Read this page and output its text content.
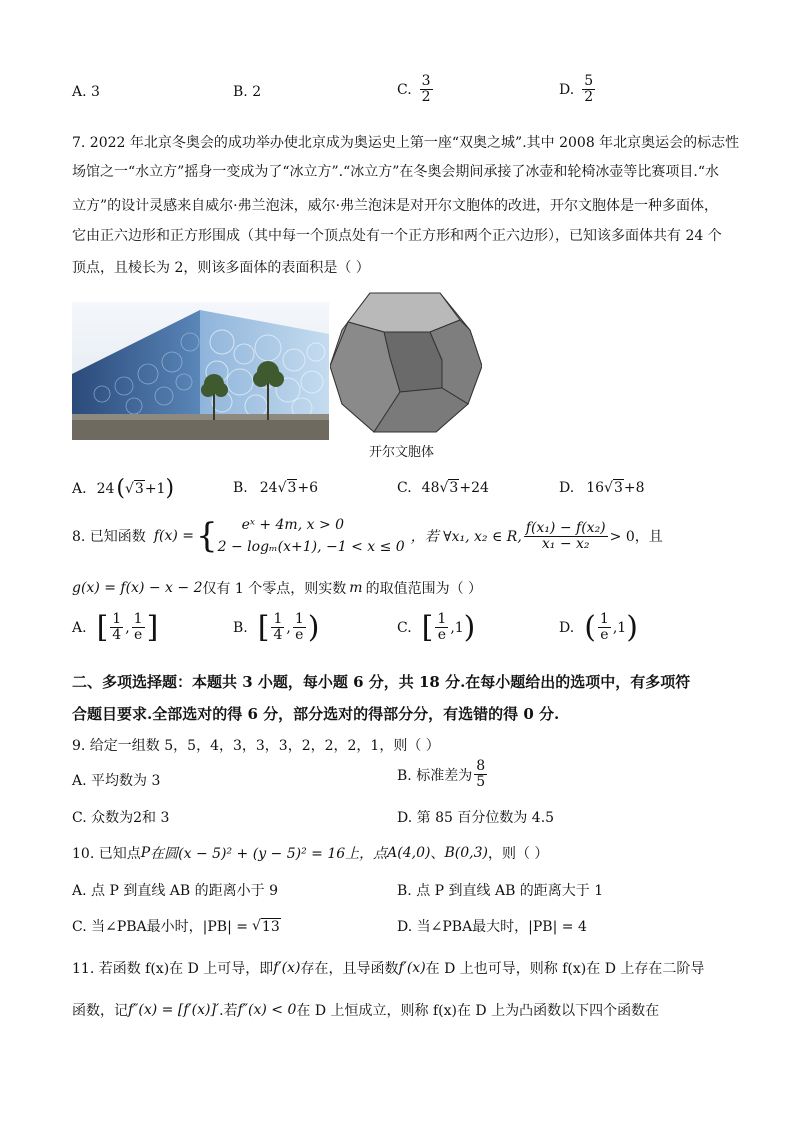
A. 3	B. 2	C. $\frac{3}{2}$	D. $\frac{5}{2}$
7. 2022 年北京冬奥会的成功举办使北京成为奥运史上第一座“双奥之城”.其中 2008 年北京奥运会的标志性
场馆之一“水立方”摇身一变成为了“冰立方”.“冰立方”在冬奥会期间承接了冰壶和轮椅冰壶等比赛项目.“水
立方”的设计灵感来自威尔·弗兰泡沫，威尔·弗兰泡沫是对开尔文胞体的改进，开尔文胞体是一种多面体，
它由正六边形和正方形围成（其中每一个顶点处有一个正方形和两个正六边形），已知该多面体共有 24 个
顶点，且棱长为 2，则该多面体的表面积是（ ）
开尔文胞体
A. 24 ( √ 3 +1 )	B. 24 √ 3 +6	C. 48 √ 3 +24	D. 16 √ 3 +8
8. 已知函数 f(x) = {	eˣ + 4m, x > 0
2 − logₘ(x+1), −1 < x ≤ 0
，若 ∀x₁, x₂ ∈ R, $\frac{\text{f(x₁) − f(x₂)}}{\text{x₁ − x₂}} > 0$，且
g(x) = f(x) − x − 2 仅有 1 个零点，则实数 m 的取值范围为（ ）
A. [ $\frac{1}{4}$ , $\frac{1}{e}$ ]	B. [ $\frac{1}{4}$ , $\frac{1}{e}$ )	C. [ $\frac{1}{e} ,1$ )	D. ( $\frac{1}{e} ,1$ )
二、多项选择题：本题共 3 小题，每小题 6 分，共 18 分.在每小题给出的选项中，有多项符
合题目要求.全部选对的得 6 分，部分选对的得部分分，有选错的得 0 分.
9. 给定一组数 5，5，4，3，3，3，2，2，2，1，则（ ）
A. 平均数为 3	B. 标准差为 $\frac{8}{5}$
C. 众数为2和 3	D. 第 85 百分位数为 4.5
10. 已知点 P 在圆(x − 5)² + (y − 5)² = 16上，点 A(4,0) 、 B(0,3) ，则（ ）
A. 点 P 到直线 AB 的距离小于 9	B. 点 P 到直线 AB 的距离大于 1
C. 当∠PBA最小时，|PB| = √ 13	D. 当∠PBA最大时，|PB| = 4
11. 若函数 f(x)在 D 上可导，即 f′(x) 存在，且导函数 f′(x) 在 D 上也可导，则称 f(x)在 D 上存在二阶导
函数，记 f″(x) = [f′(x)]′ .若 f″(x) < 0 在 D 上恒成立，则称 f(x)在 D 上为凸函数以下四个函数在
